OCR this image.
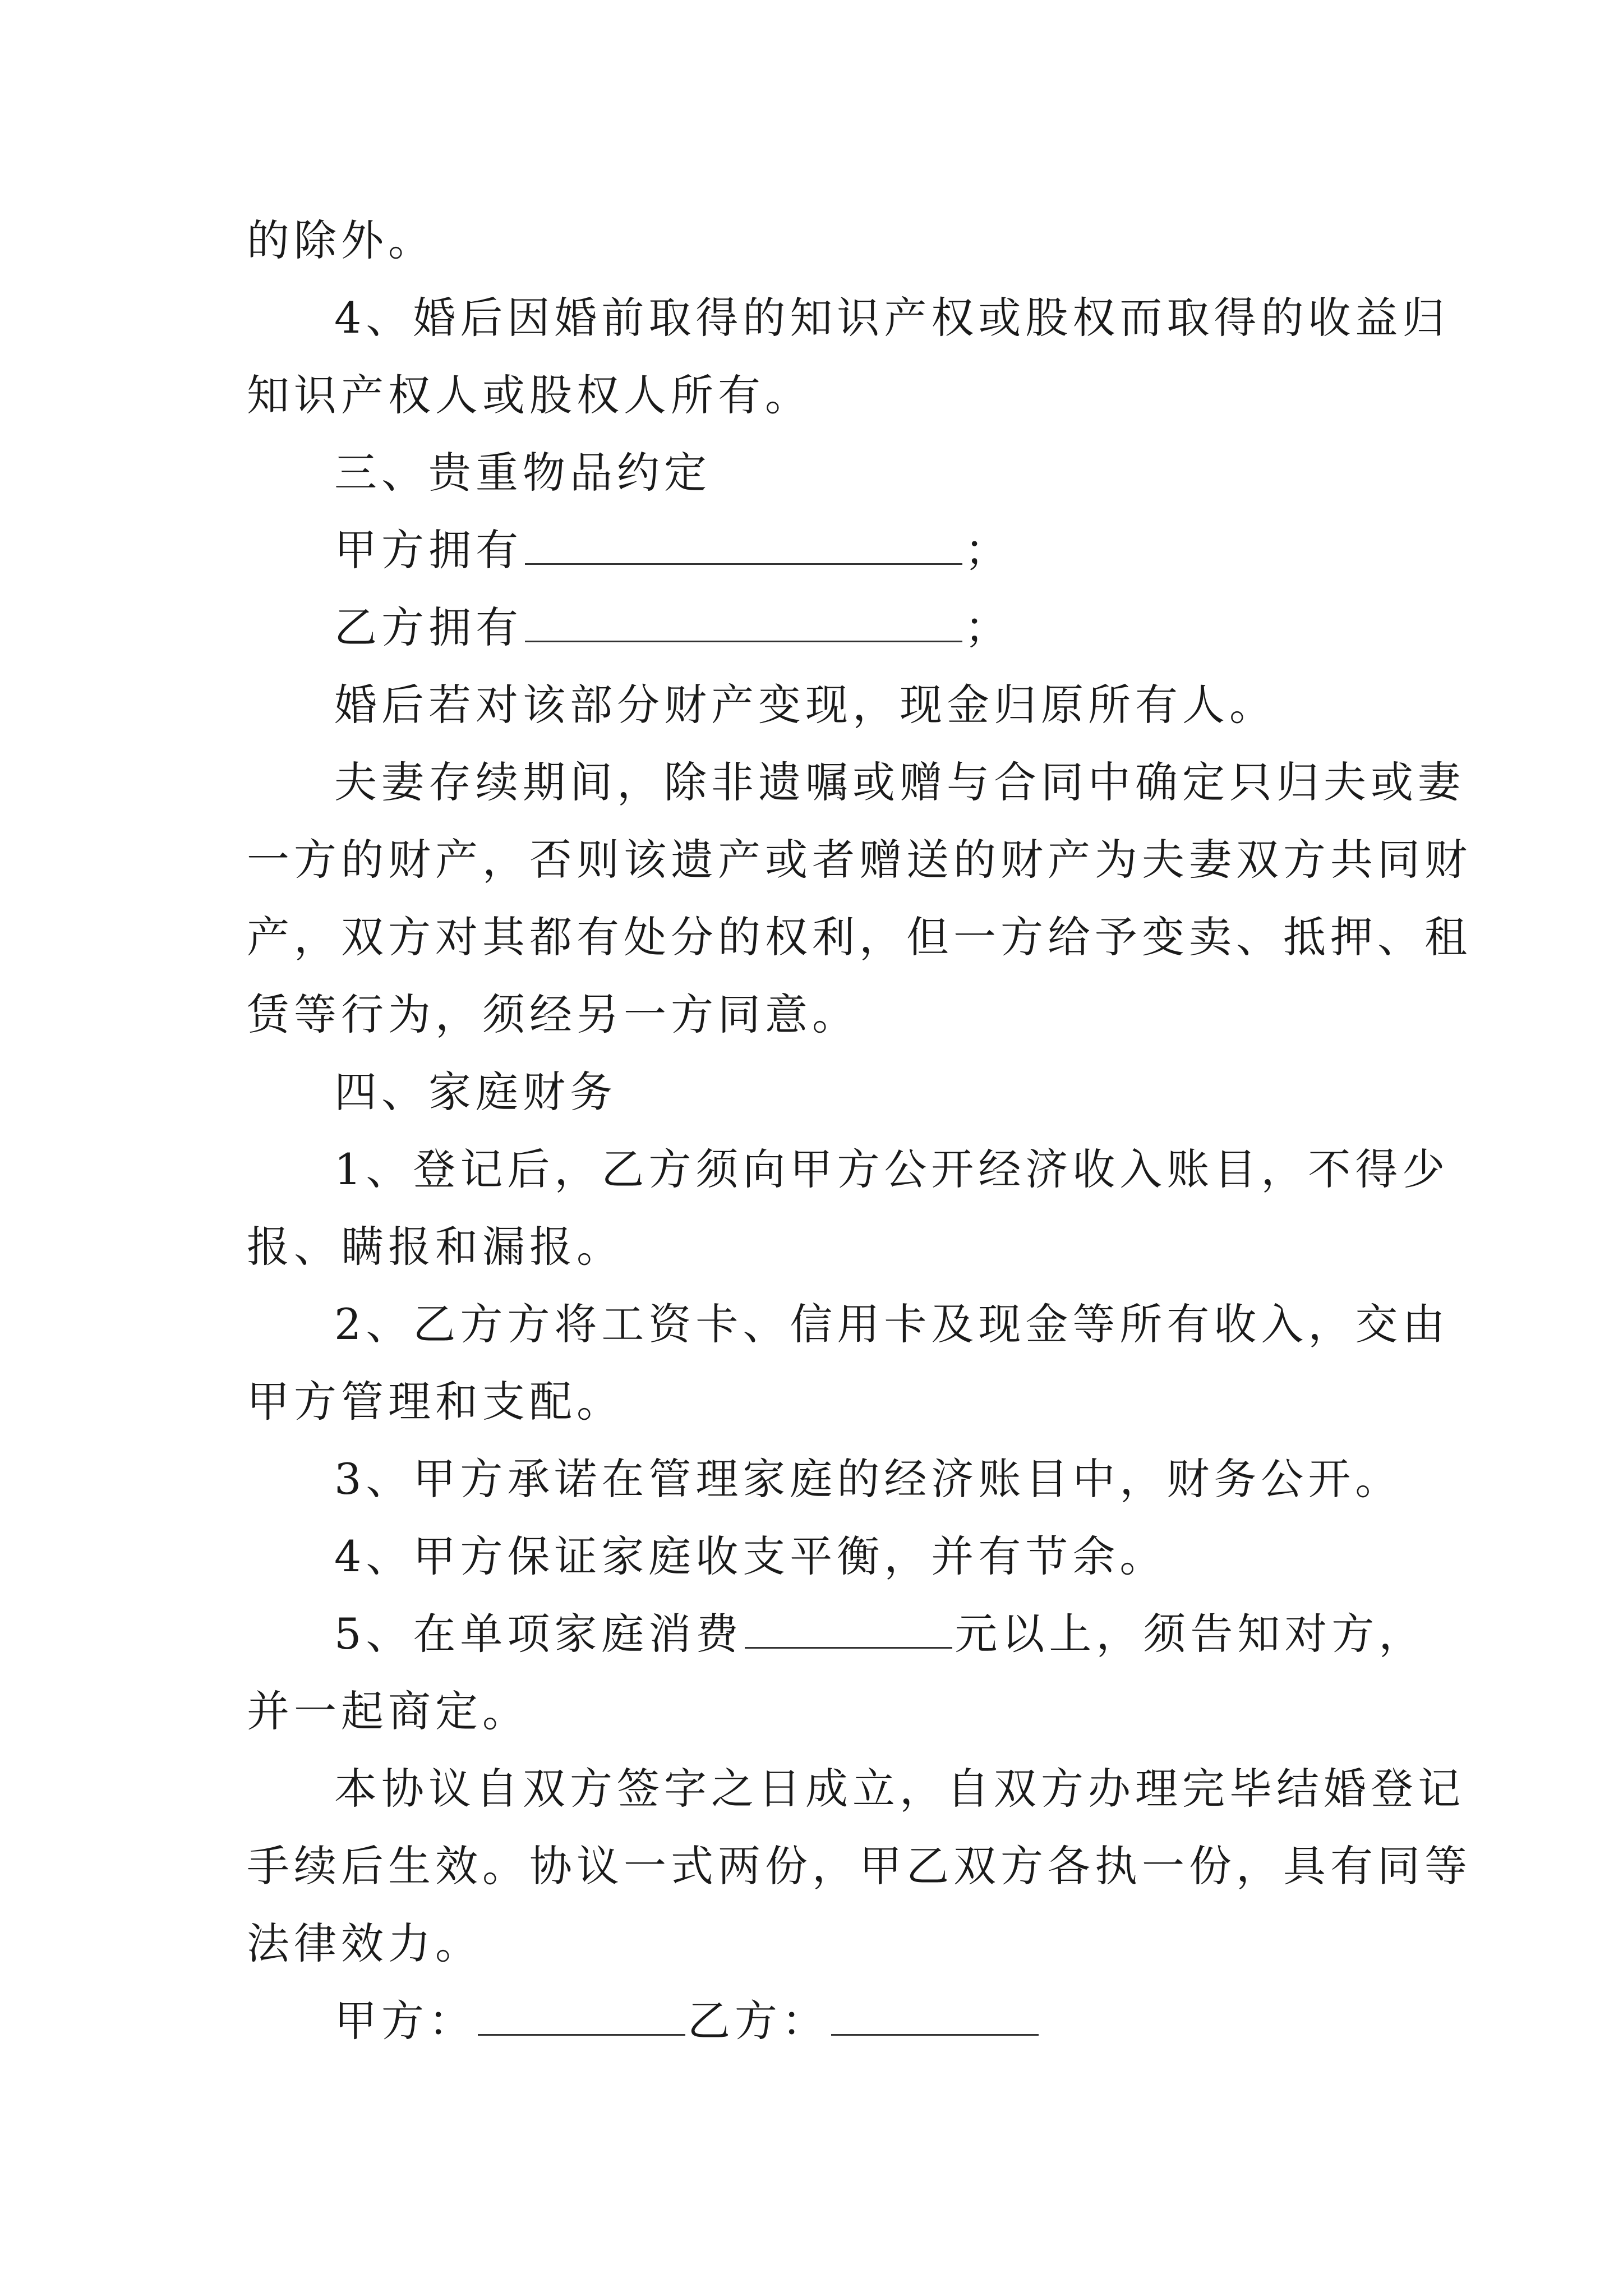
的除外。
4、婚后因婚前取得的知识产权或股权而取得的收益归
知识产权人或股权人所有。
三、贵重物品约定
甲方拥有	；
乙方拥有	；
婚后若对该部分财产变现，现金归原所有人。
夫妻存续期间，除非遗嘱或赠与合同中确定只归夫或妻
一方的财产，否则该遗产或者赠送的财产为夫妻双方共同财
产，双方对其都有处分的权利，但一方给予变卖、抵押、租
赁等行为，须经另一方同意。
四、家庭财务
1、登记后，乙方须向甲方公开经济收入账目，不得少
报、瞒报和漏报。
2、乙方方将工资卡、信用卡及现金等所有收入，交由
甲方管理和支配。
3、甲方承诺在管理家庭的经济账目中，财务公开。
4、甲方保证家庭收支平衡，并有节余。
5、在单项家庭消费	元以上，须告知对方，
并一起商定。
本协议自双方签字之日成立，自双方办理完毕结婚登记
手续后生效。协议一式两份，甲乙双方各执一份，具有同等
法律效力。
甲方：	乙方：
